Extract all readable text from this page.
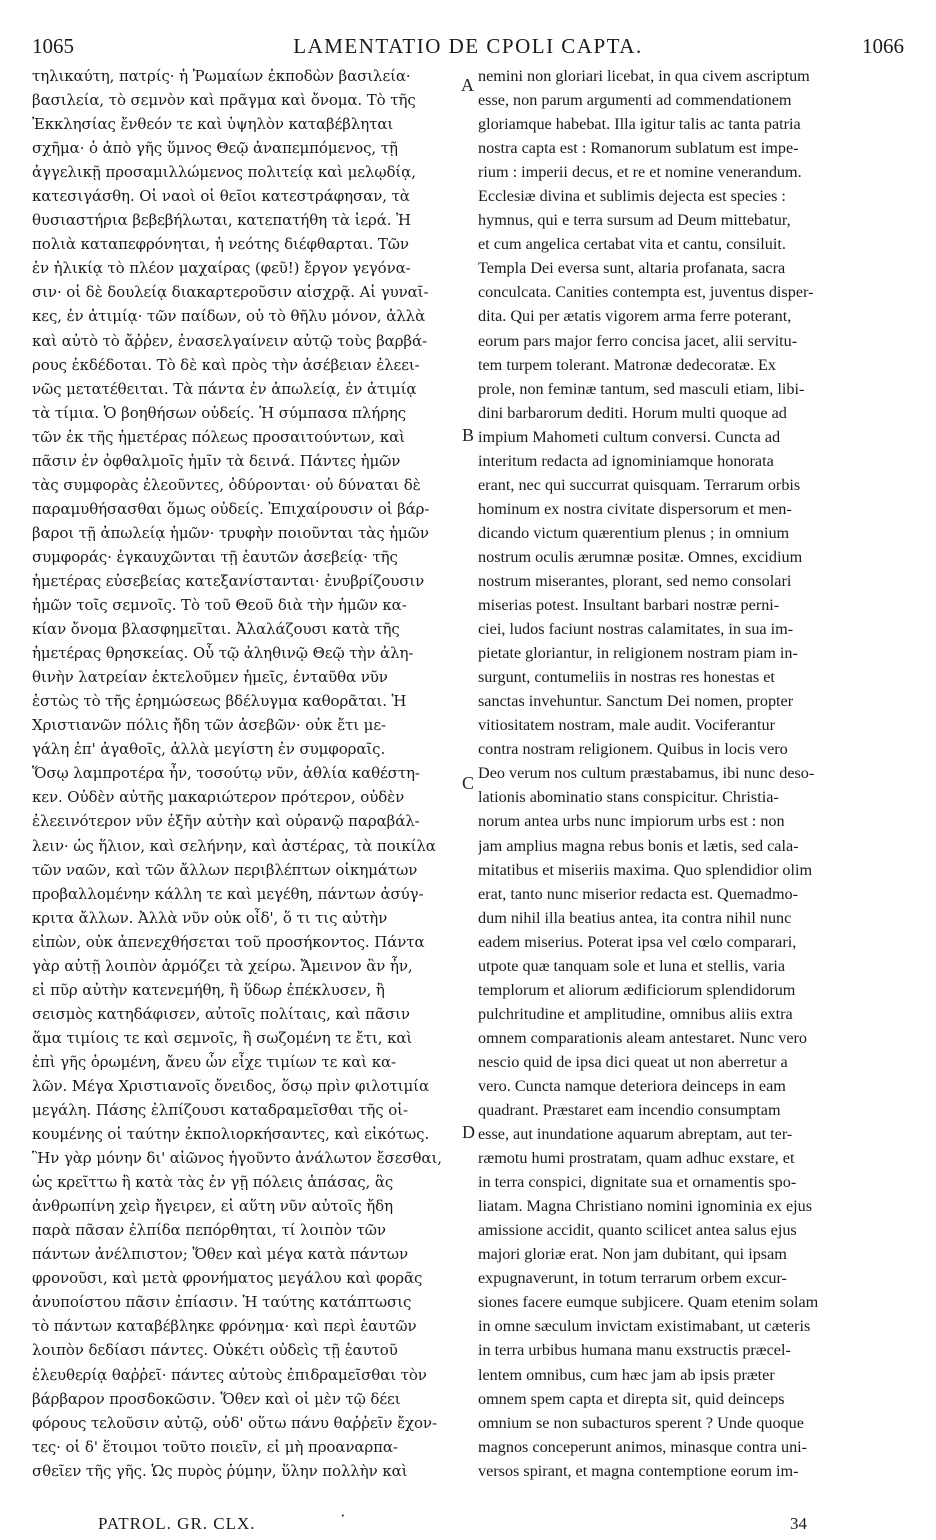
1065	LAMENTATIO DE CPOLI CAPTA.	1066
τηλικαύτη, πατρίς· ἡ Ῥωμαίων ἐκποδὼν βασιλεία·
βασιλεία, τὸ σεμνὸν καὶ πρᾶγμα καὶ ὄνομα. Τὸ τῆς
Ἐκκλησίας ἔνθεόν τε καὶ ὑψηλὸν καταβέβληται
σχῆμα· ὁ ἀπὸ γῆς ὕμνος Θεῷ ἀναπεμπόμενος, τῇ
ἀγγελικῇ προσαμιλλώμενος πολιτείᾳ καὶ μελῳδίᾳ,
κατεσιγάσθη. Οἱ ναοὶ οἱ θεῖοι κατεστράφησαν, τὰ
θυσιαστήρια βεβεβήλωται, κατεπατήθη τὰ ἱερά. Ἡ
πολιὰ καταπεφρόνηται, ἡ νεότης διέφθαρται. Τῶν
ἐν ἡλικίᾳ τὸ πλέον μαχαίρας (φεῦ!) ἔργον γεγόνα-
σιν· οἱ δὲ δουλείᾳ διακαρτεροῦσιν αἰσχρᾷ. Αἱ γυναῖ-
κες, ἐν ἀτιμίᾳ· τῶν παίδων, οὐ τὸ θῆλυ μόνον, ἀλλὰ
καὶ αὐτὸ τὸ ἄῤῥεν, ἐνασελγαίνειν αὐτῷ τοὺς βαρβά-
ρους ἐκδέδοται. Τὸ δὲ καὶ πρὸς τὴν ἀσέβειαν ἐλεει-
νῶς μετατέθειται. Τὰ πάντα ἐν ἀπωλείᾳ, ἐν ἀτιμίᾳ
τὰ τίμια. Ὁ βοηθήσων οὐδείς. Ἡ σύμπασα πλήρης
τῶν ἐκ τῆς ἡμετέρας πόλεως προσαιτούντων, καὶ
πᾶσιν ἐν ὀφθαλμοῖς ἡμῖν τὰ δεινά. Πάντες ἡμῶν
τὰς συμφορὰς ἐλεοῦντες, ὀδύρονται· οὐ δύναται δὲ
παραμυθήσασθαι ὅμως οὐδείς. Ἐπιχαίρουσιν οἱ βάρ-
βαροι τῇ ἀπωλείᾳ ἡμῶν· τρυφὴν ποιοῦνται τὰς ἡμῶν
συμφοράς· ἐγκαυχῶνται τῇ ἑαυτῶν ἀσεβείᾳ· τῆς
ἡμετέρας εὐσεβείας κατεξανίστανται· ἐνυβρίζουσιν
ἡμῶν τοῖς σεμνοῖς. Τὸ τοῦ Θεοῦ διὰ τὴν ἡμῶν κα-
κίαν ὄνομα βλασφημεῖται. Ἀλαλάζουσι κατὰ τῆς
ἡμετέρας θρησκείας. Οὗ τῷ ἀληθινῷ Θεῷ τὴν ἀλη-
θινὴν λατρείαν ἐκτελοῦμεν ἡμεῖς, ἐνταῦθα νῦν
ἑστὼς τὸ τῆς ἐρημώσεως βδέλυγμα καθορᾶται. Ἡ
Χριστιανῶν πόλις ἤδη τῶν ἀσεβῶν· οὐκ ἔτι με-
γάλη ἐπ' ἀγαθοῖς, ἀλλὰ μεγίστη ἐν συμφοραῖς.
Ὅσῳ λαμπροτέρα ἦν, τοσούτῳ νῦν, ἀθλία καθέστη-
κεν. Οὐδὲν αὐτῆς μακαριώτερον πρότερον, οὐδὲν
ἐλεεινότερον νῦν ἐξῆν αὐτὴν καὶ οὐρανῷ παραβάλ-
λειν· ὡς ἥλιον, καὶ σελήνην, καὶ ἀστέρας, τὰ ποικίλα
τῶν ναῶν, καὶ τῶν ἄλλων περιβλέπτων οἰκημάτων
προβαλλομένην κάλλη τε καὶ μεγέθη, πάντων ἀσύγ-
κριτα ἄλλων. Ἀλλὰ νῦν οὐκ οἶδ', ὅ τι τις αὐτὴν
εἰπὼν, οὐκ ἀπενεχθήσεται τοῦ προσήκοντος. Πάντα
γὰρ αὐτῇ λοιπὸν ἁρμόζει τὰ χείρω. Ἄμεινον ἂν ἦν,
εἰ πῦρ αὐτὴν κατενεμήθη, ἢ ὕδωρ ἐπέκλυσεν, ἢ
σεισμὸς κατηδάφισεν, αὐτοῖς πολίταις, καὶ πᾶσιν
ἅμα τιμίοις τε καὶ σεμνοῖς, ἢ σωζομένη τε ἔτι, καὶ
ἐπὶ γῆς ὁρωμένη, ἄνευ ὧν εἶχε τιμίων τε καὶ κα-
λῶν. Μέγα Χριστιανοῖς ὄνειδος, ὅσῳ πρὶν φιλοτιμία
μεγάλη. Πάσης ἐλπίζουσι καταδραμεῖσθαι τῆς οἰ-
κουμένης οἱ ταύτην ἐκπολιορκήσαντες, καὶ εἰκότως.
Ἣν γὰρ μόνην δι' αἰῶνος ἡγοῦντο ἀνάλωτον ἔσεσθαι,
ὡς κρεῖττω ἢ κατὰ τὰς ἐν γῇ πόλεις ἁπάσας, ἃς
ἀνθρωπίνη χεὶρ ἤγειρεν, εἰ αὕτη νῦν αὐτοῖς ἤδη
παρὰ πᾶσαν ἐλπίδα πεπόρθηται, τί λοιπὸν τῶν
πάντων ἀνέλπιστον; Ὅθεν καὶ μέγα κατὰ πάντων
φρονοῦσι, καὶ μετὰ φρονήματος μεγάλου καὶ φορᾶς
ἀνυποίστου πᾶσιν ἐπίασιν. Ἡ ταύτης κατάπτωσις
τὸ πάντων καταβέβληκε φρόνημα· καὶ περὶ ἑαυτῶν
λοιπὸν δεδίασι πάντες. Οὐκέτι οὐδεὶς τῇ ἑαυτοῦ
ἐλευθερίᾳ θαῤῥεῖ· πάντες αὐτοὺς ἐπιδραμεῖσθαι τὸν
βάρβαρον προσδοκῶσιν. Ὅθεν καὶ οἱ μὲν τῷ δέει
φόρους τελοῦσιν αὐτῷ, οὐδ' οὕτω πάνυ θαῤῥεῖν ἔχον-
τες· οἱ δ' ἕτοιμοι τοῦτο ποιεῖν, εἰ μὴ προαναρπα-
σθεῖεν τῆς γῆς. Ὡς πυρὸς ῥύμην, ὕλην πολλὴν καὶ
nemini non gloriari licebat, in qua civem ascriptum
esse, non parum argumenti ad commendationem
gloriamque habebat. Illa igitur talis ac tanta patria
nostra capta est : Romanorum sublatum est impe-
rium : imperii decus, et re et nomine venerandum.
Ecclesiæ divina et sublimis dejecta est species :
hymnus, qui e terra sursum ad Deum mittebatur,
et cum angelica certabat vita et cantu, consiluit.
Templa Dei eversa sunt, altaria profanata, sacra
conculcata. Canities contempta est, juventus disper-
dita. Qui per ætatis vigorem arma ferre poterant,
eorum pars major ferro concisa jacet, alii servitu-
tem turpem tolerant. Matronæ dedecoratæ. Ex
prole, non feminæ tantum, sed masculi etiam, libi-
dini barbarorum dediti. Horum multi quoque ad
impium Mahometi cultum conversi. Cuncta ad
interitum redacta ad ignominiamque honorata
erant, nec qui succurrat quisquam. Terrarum orbis
hominum ex nostra civitate dispersorum et men-
dicando victum quærentium plenus ; in omnium
nostrum oculis ærumnæ positæ. Omnes, excidium
nostrum miserantes, plorant, sed nemo consolari
miserias potest. Insultant barbari nostræ perni-
ciei, ludos faciunt nostras calamitates, in sua im-
pietate gloriantur, in religionem nostram piam in-
surgunt, contumeliis in nostras res honestas et
sanctas invehuntur. Sanctum Dei nomen, propter
vitiositatem nostram, male audit. Vociferantur
contra nostram religionem. Quibus in locis vero
Deo verum nos cultum præstabamus, ibi nunc deso-
lationis abominatio stans conspicitur. Christia-
norum antea urbs nunc impiorum urbs est : non
jam amplius magna rebus bonis et lætis, sed cala-
mitatibus et miseriis maxima. Quo splendidior olim
erat, tanto nunc miserior redacta est. Quemadmo-
dum nihil illa beatius antea, ita contra nihil nunc
eadem miserius. Poterat ipsa vel cœlo comparari,
utpote quæ tanquam sole et luna et stellis, varia
templorum et aliorum ædificiorum splendidorum
pulchritudine et amplitudine, omnibus aliis extra
omnem comparationis aleam antestaret. Nunc vero
nescio quid de ipsa dici queat ut non aberretur a
vero. Cuncta namque deteriora deinceps in eam
quadrant. Præstaret eam incendio consumptam
esse, aut inundatione aquarum abreptam, aut ter-
ræmotu humi prostratam, quam adhuc exstare, et
in terra conspici, dignitate sua et ornamentis spo-
liatam. Magna Christiano nomini ignominia ex ejus
amissione accidit, quanto scilicet antea salus ejus
majori gloriæ erat. Non jam dubitant, qui ipsam
expugnaverunt, in totum terrarum orbem excur-
siones facere eumque subjicere. Quam etenim solam
in omne sæculum invictam existimabant, ut cæteris
in terra urbibus humana manu exstructis præcel-
lentem omnibus, cum hæc jam ab ipsis præter
omnem spem capta et direpta sit, quid deinceps
omnium se non subacturos sperent ? Unde quoque
magnos conceperunt animos, minasque contra uni-
versos spirant, et magna contemptione eorum im-
A
B
C
D
PATROL. GR. CLX.	·	34
